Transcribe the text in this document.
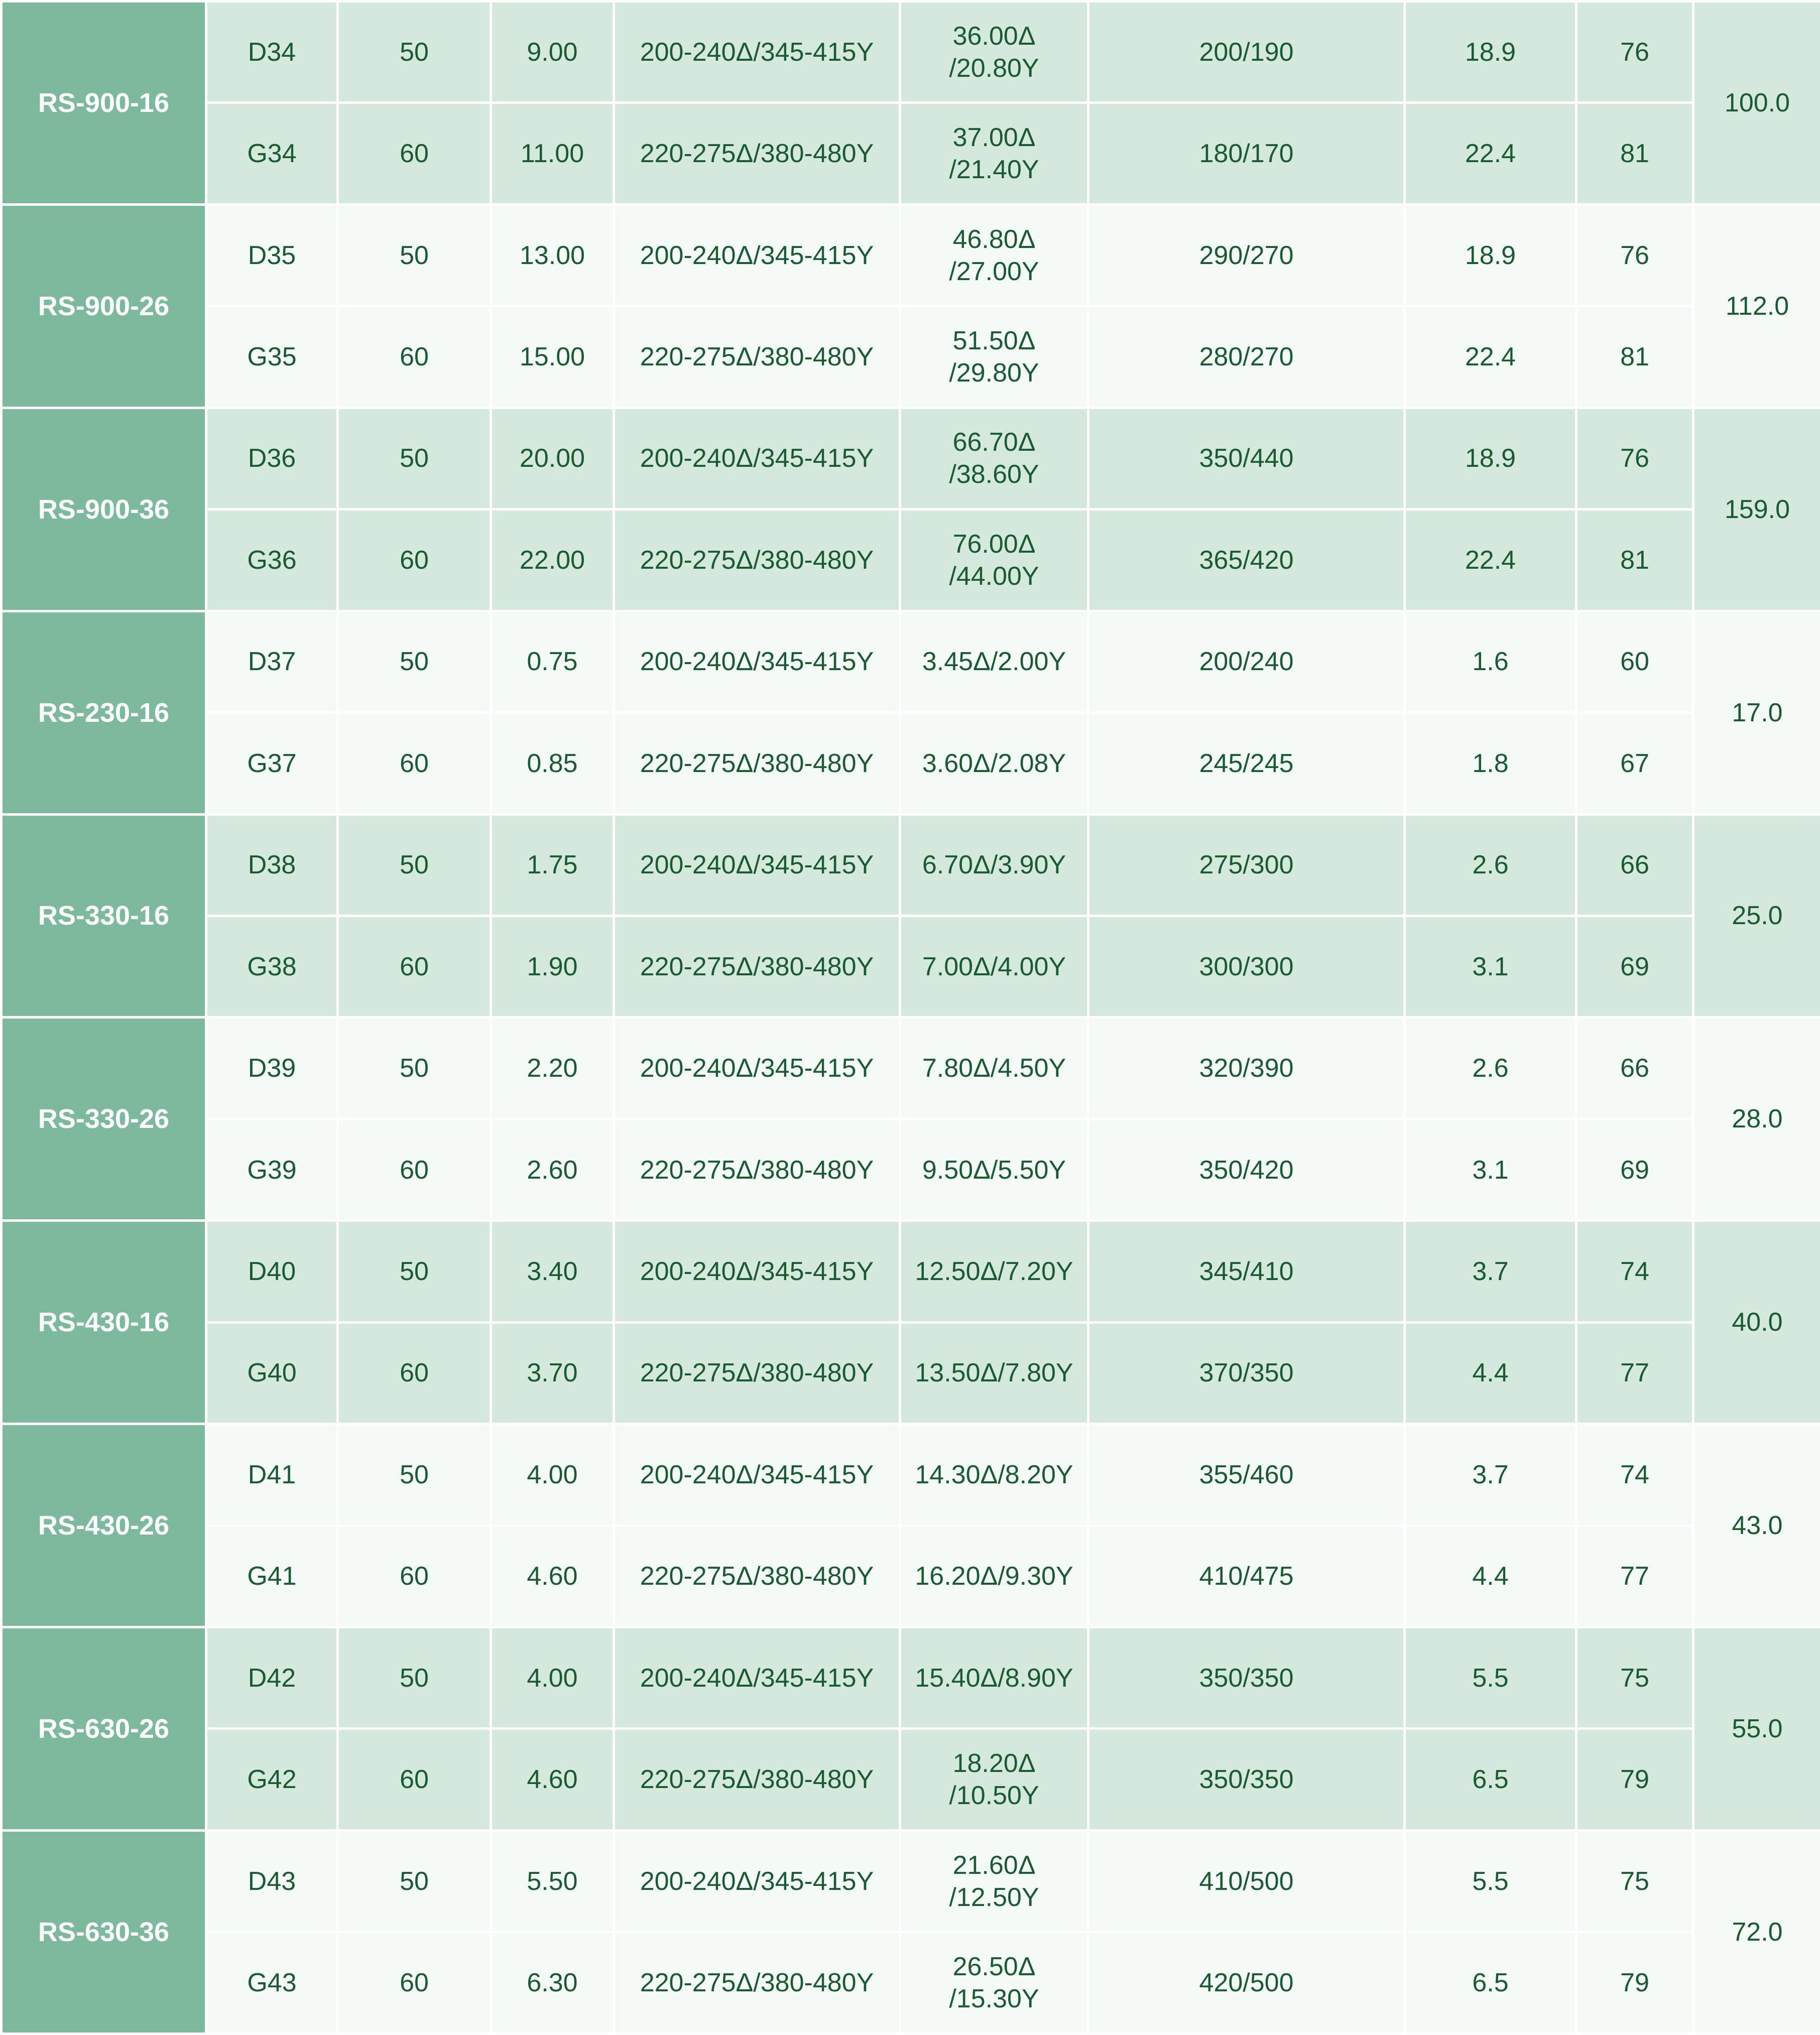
RS-900-16	D34	50	9.00	200-240Δ/345-415Y	36.00Δ
/20.80Y	200/190	18.9	76	100.0
	G34	60	11.00	220-275Δ/380-480Y	37.00Δ
/21.40Y	180/170	22.4	81	
RS-900-26	D35	50	13.00	200-240Δ/345-415Y	46.80Δ
/27.00Y	290/270	18.9	76	112.0
	G35	60	15.00	220-275Δ/380-480Y	51.50Δ
/29.80Y	280/270	22.4	81	
RS-900-36	D36	50	20.00	200-240Δ/345-415Y	66.70Δ
/38.60Y	350/440	18.9	76	159.0
	G36	60	22.00	220-275Δ/380-480Y	76.00Δ
/44.00Y	365/420	22.4	81	
RS-230-16	D37	50	0.75	200-240Δ/345-415Y	3.45Δ/2.00Y	200/240	1.6	60	17.0
	G37	60	0.85	220-275Δ/380-480Y	3.60Δ/2.08Y	245/245	1.8	67	
RS-330-16	D38	50	1.75	200-240Δ/345-415Y	6.70Δ/3.90Y	275/300	2.6	66	25.0
	G38	60	1.90	220-275Δ/380-480Y	7.00Δ/4.00Y	300/300	3.1	69	
RS-330-26	D39	50	2.20	200-240Δ/345-415Y	7.80Δ/4.50Y	320/390	2.6	66	28.0
	G39	60	2.60	220-275Δ/380-480Y	9.50Δ/5.50Y	350/420	3.1	69	
RS-430-16	D40	50	3.40	200-240Δ/345-415Y	12.50Δ/7.20Y	345/410	3.7	74	40.0
	G40	60	3.70	220-275Δ/380-480Y	13.50Δ/7.80Y	370/350	4.4	77	
RS-430-26	D41	50	4.00	200-240Δ/345-415Y	14.30Δ/8.20Y	355/460	3.7	74	43.0
	G41	60	4.60	220-275Δ/380-480Y	16.20Δ/9.30Y	410/475	4.4	77	
RS-630-26	D42	50	4.00	200-240Δ/345-415Y	15.40Δ/8.90Y	350/350	5.5	75	55.0
	G42	60	4.60	220-275Δ/380-480Y	18.20Δ
/10.50Y	350/350	6.5	79	
RS-630-36	D43	50	5.50	200-240Δ/345-415Y	21.60Δ
/12.50Y	410/500	5.5	75	72.0
	G43	60	6.30	220-275Δ/380-480Y	26.50Δ
/15.30Y	420/500	6.5	79	
